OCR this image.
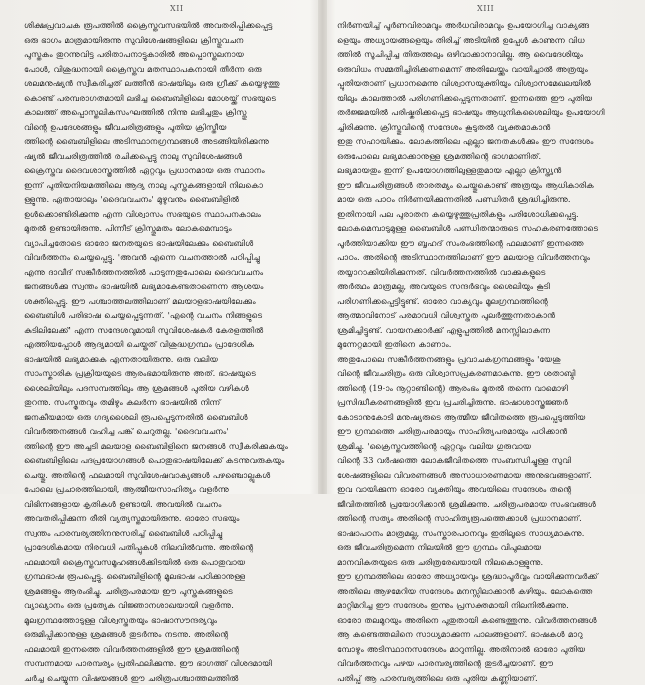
XII
ശിക്ഷപ്രവാചക രൂപത്തിൽ ക്രൈസ്തവസഭയിൽ അവതരിപ്പിക്കപ്പെട്ട
ഒരു ഭാഗം മാത്രമായിരുന്നു സുവിശേഷങ്ങളിലെ ക്രിസ്തുവചന
പുസ്തകം തുറന്നുവിട്ട പരിതാപനാട്ടുകാരിൽ അപ്പൊസ്തലനായ
പോൾ, വിശുദ്ധനായി ക്രൈസ്തവ മതസ്ഥാപകനായി തീർന്ന ഒരു
ശലമനുഷ്യൻ സ്വീകരിച്ചത് ലത്തീൻ ഭാഷയിലും ഒരു ഗ്രീക്ക് കയ്യെഴുത്തു
കൊണ്ട് പരമ്പരാഗതമായി ലഭിച്ച ബൈബിളിലെ മോശയ്ക്ക് സഭയുടെ
കാലത്ത് അപ്പൊസ്തലികസംഘത്തിൽ നിന്നു ലഭിച്ചതും ക്രിസ്തു
വിന്റെ ഉപദേശങ്ങളും ജീവചരിത്രങ്ങളും പുതിയ ക്രിസ്തീയ
ത്തിന്റെ ബൈബിളിലെ അടിസ്ഥാനഗ്രന്ഥങ്ങൾ അടങ്ങിയിരിക്കുന്നു
ഷ്യൽ ജീവചരിത്രത്തിൽ രചിക്കപ്പെട്ടു നാലു സുവിശേഷങ്ങൾ
ക്രൈസ്തവ ദൈവശാസ്ത്രത്തിൽ ഏറ്റവും പ്രധാനമായ ഒരു സ്ഥാനം
ഇന്ന് പുതിയനിയമത്തിലെ ആദ്യ നാലു പുസ്തകങ്ങളായി നിലകൊ
ള്ളുന്നു. ഏതായാലും 'ദൈവവചനം' മുഴുവനും ബൈബിളിൽ
ഉൾക്കൊണ്ടിരിക്കുന്നു എന്ന വിശ്വാസം സഭയുടെ സ്ഥാപനകാലം
മുതൽ ഉണ്ടായിരുന്നു. പിന്നീട് ക്രിസ്തുമതം ലോകമെമ്പാടും
വ്യാപിച്ചതോടെ ഓരോ ജനതയുടെ ഭാഷയിലേക്കും ബൈബിൾ
വിവർത്തനം ചെയ്യപ്പെട്ടു. 'അവൻ എന്നെ വചനത്താൽ പഠിപ്പിച്ചു
എന്നു ദാവീദ് സങ്കീർത്തനത്തിൽ പാടുന്നതുപോലെ ദൈവവചനം
ജനങ്ങൾക്കു സ്വന്തം ഭാഷയിൽ ലഭ്യമാകേണ്ടതാണെന്ന ആശയം
ശക്തിപ്പെട്ടു. ഈ പശ്ചാത്തലത്തിലാണ് മലയാളഭാഷയിലേക്കും
ബൈബിൾ പരിഭാഷ ചെയ്യപ്പെടുന്നത്. 'എന്റെ വചനം നിങ്ങളുടെ
കുടിലിലേക്ക്' എന്ന സന്ദേശവുമായി സുവിശേഷകർ കേരളത്തിൽ
എത്തിയപ്പോൾ ആദ്യമായി ചെയ്തത് വിശുദ്ധഗ്രന്ഥം പ്രാദേശിക
ഭാഷയിൽ ലഭ്യമാക്കുക എന്നതായിരുന്നു. ഒരു വലിയ
സാംസ്കാരിക പ്രക്രിയയുടെ ആരംഭമായിരുന്നു അത്. ഭാഷയുടെ
ശൈലിയിലും പദസമ്പത്തിലും ആ ശ്രമങ്ങൾ പുതിയ വഴികൾ
തുറന്നു. സംസ്കൃതവും തമിഴും കലർന്ന ഭാഷയിൽ നിന്ന്
ജനകീയമായ ഒരു ഗദ്യശൈലി രൂപപ്പെടുന്നതിൽ ബൈബിൾ
വിവർത്തനങ്ങൾ വഹിച്ച പങ്ക് ചെറുതല്ല. 'ദൈവവചനം'
ത്തിന്റെ ഈ അച്ചടി മലയാള ബൈബിളിനെ ജനങ്ങൾ സ്വീകരിക്കുകയും
ബൈബിളിലെ പദപ്രയോഗങ്ങൾ പൊതുഭാഷയിലേക്ക് കടന്നുവരുകയും
ചെയ്തു. അതിന്റെ ഫലമായി സുവിശേഷവാക്യങ്ങൾ പഴഞ്ചൊല്ലുകൾ
പോലെ പ്രചാരത്തിലായി, ആത്മീയസാഹിത്യം വളർന്നു
വിഭിന്നങ്ങളായ കൃതികൾ ഉണ്ടായി. അവയിൽ വചനം
അവതരിപ്പിക്കുന്ന രീതി വ്യത്യസ്തമായിരുന്നു. ഓരോ സഭയും
സ്വന്തം പാരമ്പര്യത്തിനനുസരിച്ച് ബൈബിൾ പഠിപ്പിച്ചു
പ്രാദേശികമായ നിരവധി പതിപ്പുകൾ നിലവിൽവന്നു. അതിന്റെ
ഫലമായി ക്രൈസ്തവസമൂഹങ്ങൾക്കിടയിൽ ഒരു പൊതുവായ
ഗ്രന്ഥഭാഷ രൂപപ്പെട്ടു. ബൈബിളിന്റെ മൂലഭാഷ പഠിക്കാനുള്ള
ശ്രമങ്ങളും ആരംഭിച്ചു. ചരിത്രപരമായ ഈ പുസ്തകങ്ങളുടെ
വ്യാഖ്യാനം ഒരു പ്രത്യേക വിജ്ഞാനശാഖയായി വളർന്നു.
മൂലഗ്രന്ഥത്തോടുള്ള വിശ്വസ്തതയും ഭാഷാസൗന്ദര്യവും
ഒരുമിപ്പിക്കാനുള്ള ശ്രമങ്ങൾ തുടർന്നും നടന്നു. അതിന്റെ
ഫലമായി ഇന്നത്തെ വിവർത്തനങ്ങളിൽ ഈ ശ്രമത്തിന്റെ
സമ്പന്നമായ പാരമ്പര്യം പ്രതിഫലിക്കുന്നു. ഈ ഭാഗത്ത് വിശദമായി
ചർച്ച ചെയ്യുന്ന വിഷയങ്ങൾ ഈ ചരിത്രപശ്ചാത്തലത്തിൽ
XIII
നിർണയിച്ച് പൂർണവിരാമവും അർധവിരാമവും ഉപയോഗിച്ച വാക്യങ്ങ
ളെയും അധ്യായങ്ങളെയും തിരിച്ച് അടിയിൽ ഉപ്പേൾ കാണുന്ന വിധ
ത്തിൽ സൂചിപ്പിച്ച തിരുത്തലും ഒഴിവാക്കാനാവില്ല. ആ വൈദേശിയും
ഒരുവിധം സമ്മതിച്ചിരിക്കണമെന്ന് അതിലേയ്ക്കും വായിച്ചാൽ അത്രയും
പ്പുതിയതാണ് പ്രധാനമെന്നു വിശ്വാസയുക്തിയും വിശ്വാസമേഖലയിൽ
യിലും കാലത്താൽ പരിഗണിക്കപ്പെടുന്നതാണ്. ഇന്നത്തെ ഈ പുതിയ
തർജ്ജമയിൽ പരിഷ്കരിക്കപ്പെട്ട ഭാഷയും ആധുനികശൈലിയും ഉപയോഗി
ച്ചിരിക്കുന്നു. ക്രിസ്തുവിന്റെ സന്ദേശം കൂടുതൽ വ്യക്തമാകാൻ
ഇതു സഹായിക്കും. ലോകത്തിലെ എല്ലാ ജനതകൾക്കും ഈ സന്ദേശം
ഒരുപോലെ ലഭ്യമാക്കാനുള്ള ശ്രമത്തിന്റെ ഭാഗമാണിത്.
ലഭ്യമായതും ഇന്ന് ഉപയോഗത്തിലുള്ളതുമായ എല്ലാ ക്രിസ്ത്യൻ
ഈ ജീവചരിത്രങ്ങൾ താരതമ്യം ചെയ്തുകൊണ്ട് അത്രയും ആധികാരിക
മായ ഒരു പാഠം നിർണയിക്കുന്നതിൽ പണ്ഡിതർ ശ്രദ്ധിച്ചിരുന്നു.
ഇതിനായി പല പുരാതന കയ്യെഴുത്തുപ്രതികളും പരിശോധിക്കപ്പെട്ടു.
ലോകമെമ്പാടുമുള്ള ബൈബിൾ പണ്ഡിതന്മാരുടെ സഹകരണത്തോടെ
പൂർത്തിയാക്കിയ ഈ ബൃഹദ് സംരംഭത്തിന്റെ ഫലമാണ് ഇന്നത്തെ
പാഠം. അതിന്റെ അടിസ്ഥാനത്തിലാണ് ഈ മലയാള വിവർത്തനവും
തയ്യാറാക്കിയിരിക്കുന്നത്. വിവർത്തനത്തിൽ വാക്കുകളുടെ
അർത്ഥം മാത്രമല്ല, അവയുടെ സന്ദർഭവും ശൈലിയും കൂടി
പരിഗണിക്കപ്പെട്ടിട്ടുണ്ട്. ഓരോ വാക്യവും മൂലഗ്രന്ഥത്തിന്റെ
ആത്മാവിനോട് പരമാവധി വിശ്വസ്തത പുലർത്തുന്നതാകാൻ
ശ്രമിച്ചിട്ടുണ്ട്. വായനക്കാർക്ക് എളുപ്പത്തിൽ മനസ്സിലാകുന്ന
മുന്നേറ്റമായി ഇതിനെ കാണാം.
അതുപോലെ സങ്കീർത്തനങ്ങളും പ്രവാചകഗ്രന്ഥങ്ങളും 'യേശു
വിന്റെ ജീവചരിത്രം ഒരു വിശ്വാസപ്രകരണമാകുന്നു. ഈ ശതാബ്ദി
ത്തിന്റെ (19-ാം നൂറ്റാണ്ടിന്റെ) ആരംഭം മുതൽ തന്നെ വാമൊഴി
പ്രസിദ്ധീകരണങ്ങളിൽ ഇവ പ്രചരിച്ചിരുന്നു. ഭാഷാശാസ്ത്രജ്ഞർ
കോടാനുകോടി മനുഷ്യരുടെ ആത്മീയ ജീവിതത്തെ രൂപപ്പെടുത്തിയ
ഈ ഗ്രന്ഥത്തെ ചരിത്രപരമായും സാഹിത്യപരമായും പഠിക്കാൻ
ശ്രമിച്ചു. 'ക്രൈസ്തവത്തിന്റെ ഏറ്റവും വലിയ ഗുരുവായ
വിന്റെ 33 വർഷത്തെ ലോകജീവിതത്തെ സംബന്ധിച്ചുള്ള സുവി
ശേഷങ്ങളിലെ വിവരണങ്ങൾ അസാധാരണമായ അനുഭവങ്ങളാണ്.
ഇവ വായിക്കുന്ന ഓരോ വ്യക്തിയും അവയിലെ സന്ദേശം തന്റെ
ജീവിതത്തിൽ പ്രയോഗിക്കാൻ ശ്രമിക്കുന്നു. ചരിത്രപരമായ സംഭവങ്ങൾ
ത്തിന്റെ സത്യം അതിന്റെ സാഹിത്യരൂപത്തെക്കാൾ പ്രധാനമാണ്.
ഭാഷാപഠനം മാത്രമല്ല, സംസ്കാരപഠനവും ഇതിലൂടെ സാധ്യമാകുന്നു.
ഒരു ജീവചരിത്രമെന്ന നിലയിൽ ഈ ഗ്രന്ഥം വിപുലമായ
മാനവികതയുടെ ഒരു ചരിത്രരേഖയായി നിലകൊള്ളുന്നു.
ഈ ഗ്രന്ഥത്തിലെ ഓരോ അധ്യായവും ശ്രദ്ധാപൂർവ്വം വായിക്കുന്നവർക്ക്
അതിലെ ആഴമേറിയ സന്ദേശം മനസ്സിലാക്കാൻ കഴിയും. ലോകത്തെ
മാറ്റിമറിച്ച ഈ സന്ദേശം ഇന്നും പ്രസക്തമായി നിലനിൽക്കുന്നു.
ഓരോ തലമുറയും അതിനെ പുതുതായി കണ്ടെത്തുന്നു. വിവർത്തനങ്ങൾ
ആ കണ്ടെത്തലിനെ സാധ്യമാക്കുന്ന പാലങ്ങളാണ്. ഭാഷകൾ മാറു
മ്പോഴും അടിസ്ഥാനസന്ദേശം മാറുന്നില്ല. അതിനാൽ ഓരോ പുതിയ
വിവർത്തനവും പഴയ പാരമ്പര്യത്തിന്റെ തുടർച്ചയാണ്. ഈ
പതിപ്പ് ആ പാരമ്പര്യത്തിലെ ഒരു പുതിയ കണ്ണിയാണ്.
